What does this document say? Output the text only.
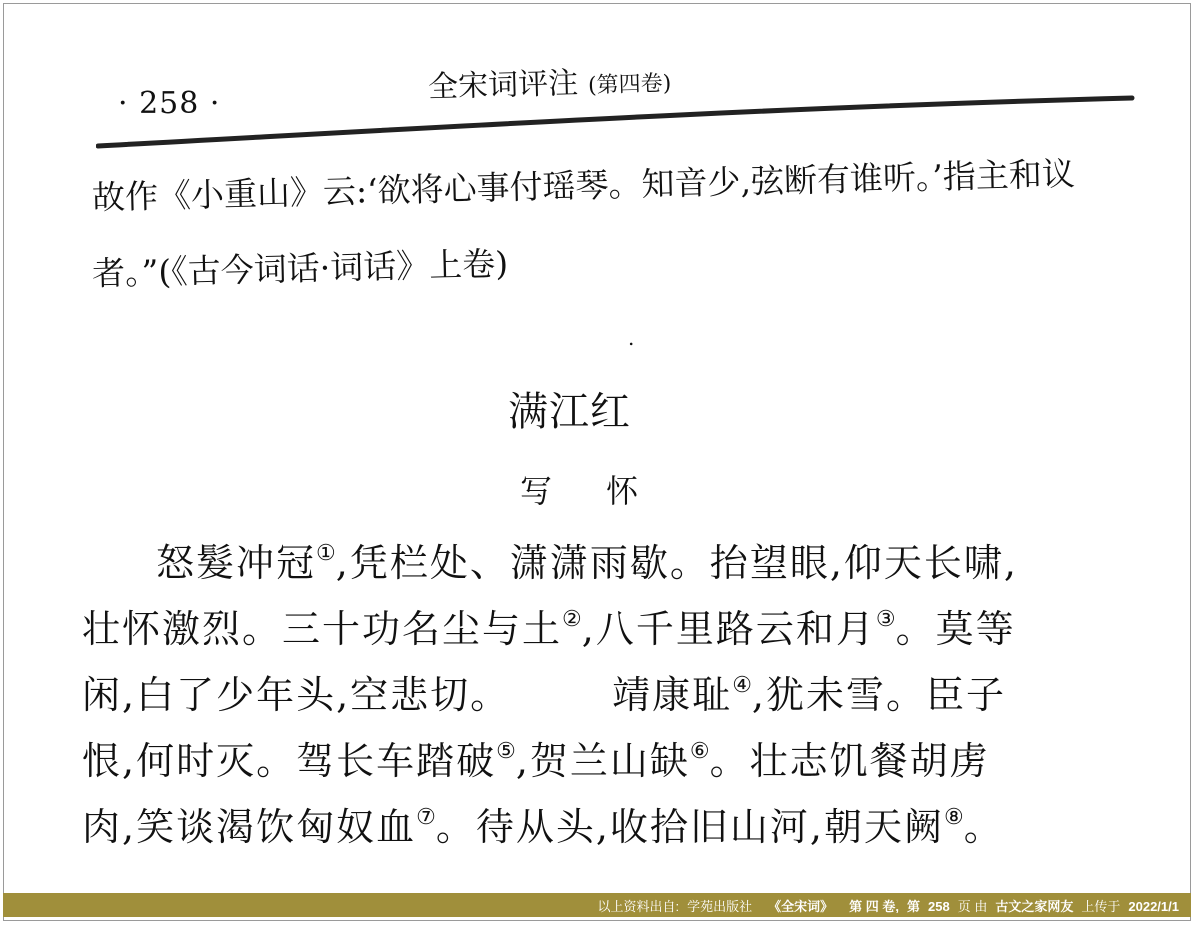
· 258 ·	全宋词评注 (第四卷)
故作《小重山》云:‘欲将心事付瑶琴。知音少,弦断有谁听。’指主和议
者。”(《古今词话·词话》上卷)
.
满江红
写 怀
怒髮冲冠①,凭栏处、潇潇雨歇。抬望眼,仰天长啸,
壮怀激烈。三十功名尘与土②,八千里路云和月③。莫等
闲,白了少年头,空悲切。	靖康耻④,犹未雪。臣子
恨,何时灭。驾长车踏破⑤,贺兰山缺⑥。壮志饥餐胡虏
肉,笑谈渴饮匈奴血⑦。待从头,收拾旧山河,朝天阙⑧。
以上资料出自: 学苑出版社 《全宋词》 第 四 卷, 第 258 页 由 古文之家网友 上传于 2022/1/1
